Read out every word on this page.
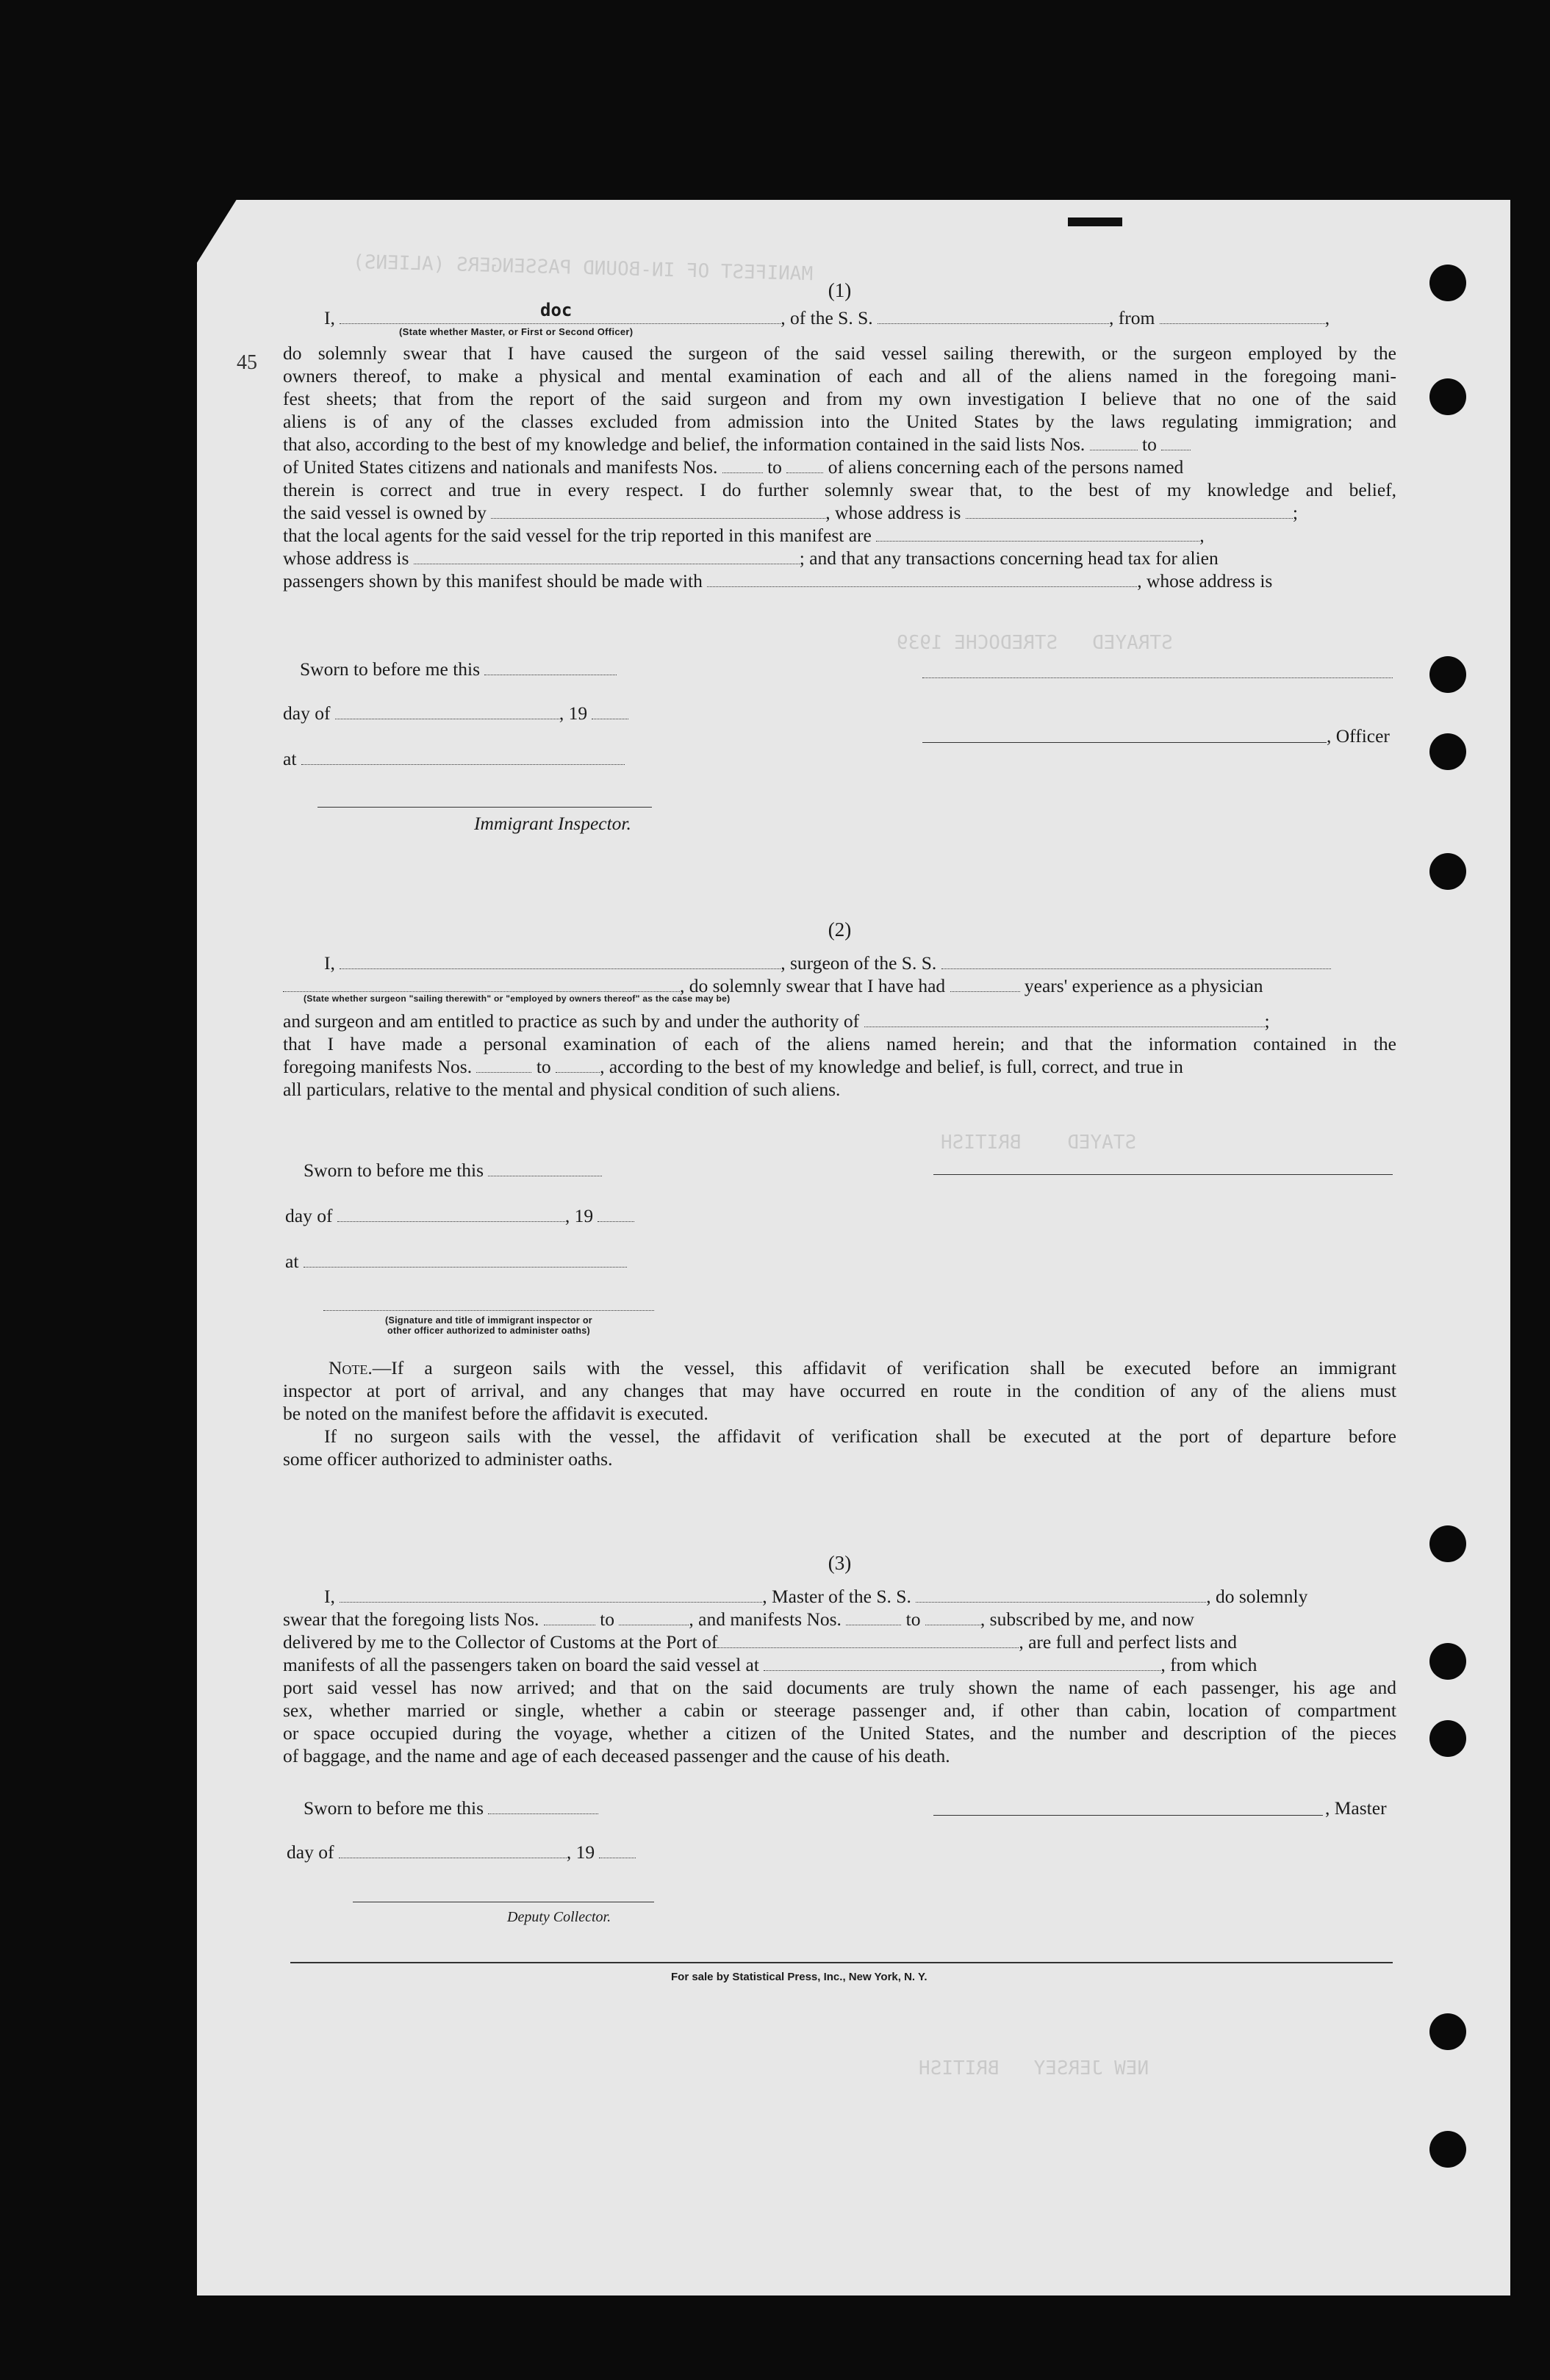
MANIFEST OF IN-BOUND PASSENGERS (ALIENS)
STRAYED   STREDOCHE 1939
STAYED    BRITISH
NEW JERSEY   BRITISH
45
doc
(1)
I,	, of the S. S.	, from	,
(State whether Master, or First or Second Officer)
do solemnly swear that I have caused the surgeon of the said vessel sailing therewith, or the surgeon employed by the
owners thereof, to make a physical and mental examination of each and all of the aliens named in the foregoing mani-
fest sheets; that from the report of the said surgeon and from my own investigation I believe that no one of the said
aliens is of any of the classes excluded from admission into the United States by the laws regulating immigration; and
that also, according to the best of my knowledge and belief, the information contained in the said lists Nos.	to
of United States citizens and nationals and manifests Nos.	to of aliens concerning each of the persons named
therein is correct and true in every respect. I do further solemnly swear that, to the best of my knowledge and belief,
the said vessel is owned by	, whose address is	;
that the local agents for the said vessel for the trip reported in this manifest are	,
whose address is	; and that any transactions concerning head tax for alien
passengers shown by this manifest should be made with	, whose address is
Sworn to before me this
day of	, 19
at
Immigrant Inspector.
, Officer
(2)
I,	, surgeon of the S. S.
, do solemnly swear that I have had	years' experience as a physician
(State whether surgeon "sailing therewith" or "employed by owners thereof" as the case may be)
and surgeon and am entitled to practice as such by and under the authority of	;
that I have made a personal examination of each of the aliens named herein; and that the information contained in the
foregoing manifests Nos.	to	, according to the best of my knowledge and belief, is full, correct, and true in
all particulars, relative to the mental and physical condition of such aliens.
Sworn to before me this
day of	, 19
at
(Signature and title of immigrant inspector or
other officer authorized to administer oaths)
Note.—If a surgeon sails with the vessel, this affidavit of verification shall be executed before an immigrant
inspector at port of arrival, and any changes that may have occurred en route in the condition of any of the aliens must
be noted on the manifest before the affidavit is executed.
If no surgeon sails with the vessel, the affidavit of verification shall be executed at the port of departure before
some officer authorized to administer oaths.
(3)
I,	, Master of the S. S.	, do solemnly
swear that the foregoing lists Nos.	to	, and manifests Nos.	to	, subscribed by me, and now
delivered by me to the Collector of Customs at the Port of	, are full and perfect lists and
manifests of all the passengers taken on board the said vessel at	, from which
port said vessel has now arrived; and that on the said documents are truly shown the name of each passenger, his age and
sex, whether married or single, whether a cabin or steerage passenger and, if other than cabin, location of compartment
or space occupied during the voyage, whether a citizen of the United States, and the number and description of the pieces
of baggage, and the name and age of each deceased passenger and the cause of his death.
Sworn to before me this
day of	, 19
Deputy Collector.
, Master
For sale by Statistical Press, Inc., New York, N. Y.
